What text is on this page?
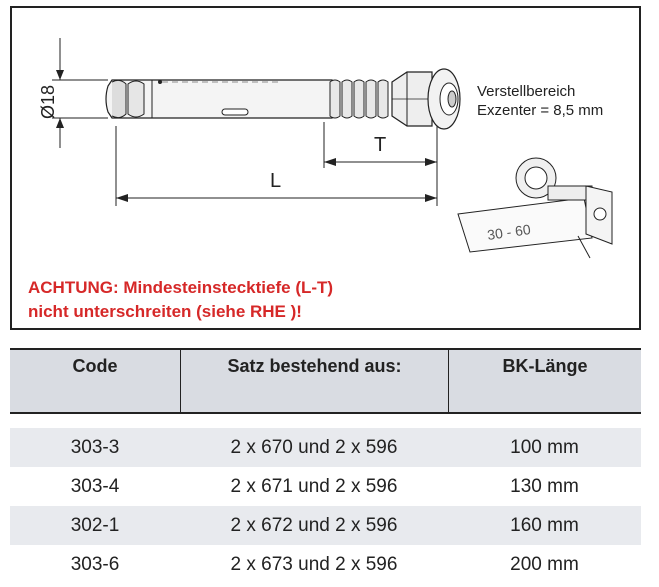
30 - 60
Ø18
T
L
Verstellbereich
Exzenter = 8,5 mm
ACHTUNG: Mindesteinstecktiefe (L-T)
nicht unterschreiten (siehe RHE )!
Code	Satz bestehend aus:	BK-Länge
303-3	2 x 670 und 2 x 596	100 mm
303-4	2 x 671 und 2 x 596	130 mm
302-1	2 x 672 und 2 x 596	160 mm
303-6	2 x 673 und 2 x 596	200 mm
